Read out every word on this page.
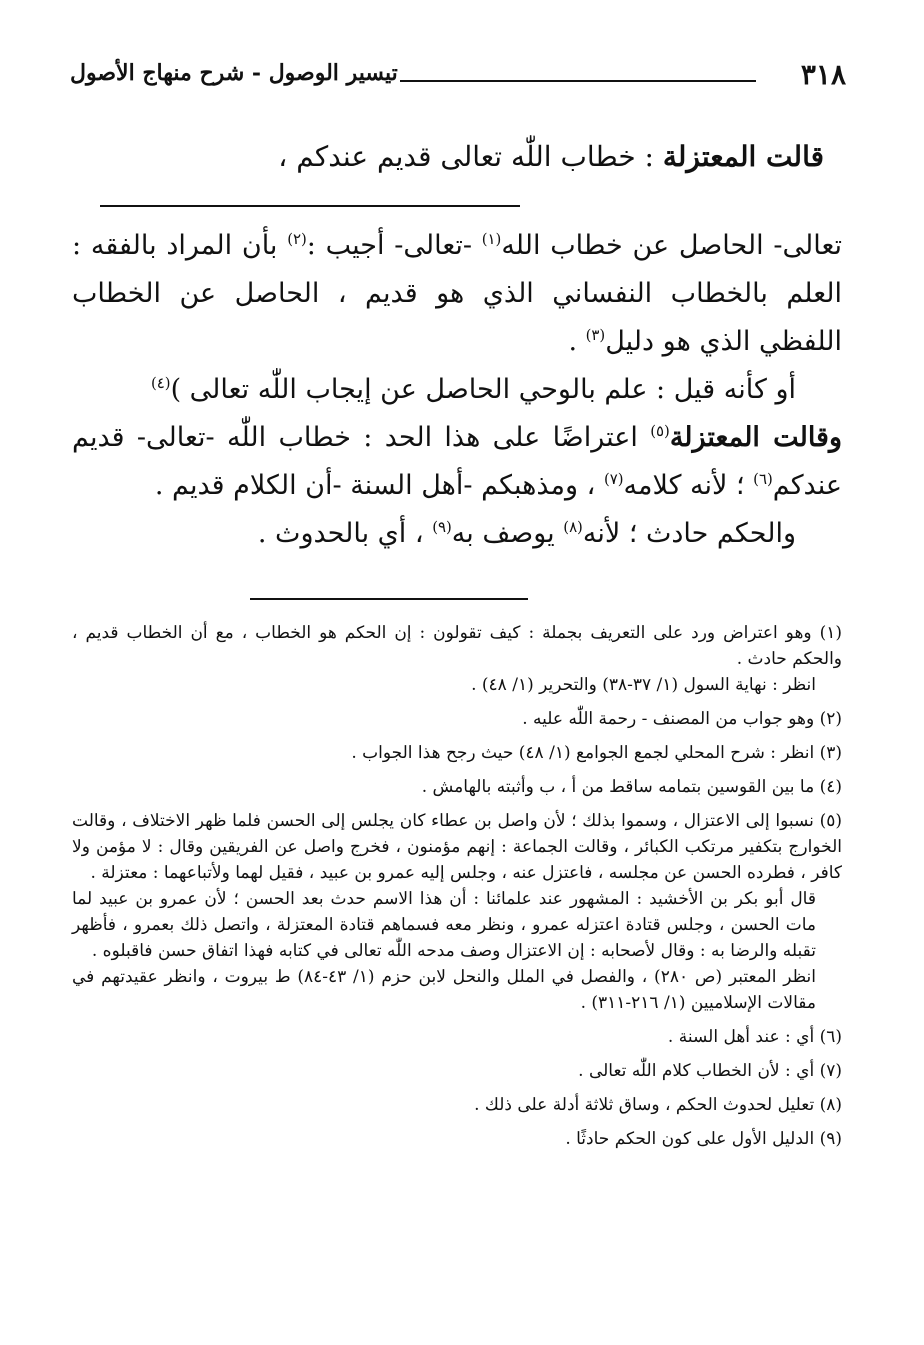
٣١٨
تيسير الوصول - شرح منهاج الأصول
قالت المعتزلة : خطاب اللّٰه تعالى قديم عندكم ،

تعالى- الحاصل عن خطاب الله$^{(١)}$ -تعالى- أجيب :$^{(٢)}$ بأن المراد بالفقه : العلم بالخطاب النفساني الذي هو قديم ، الحاصل عن الخطاب اللفظي الذي هو دليل$^{(٣)}$ .

أو كأنه قيل : علم بالوحي الحاصل عن إيجاب اللّٰه تعالى )$^{(٤)}$

وقالت المعتزلة$^{(٥)}$ اعتراضًا على هذا الحد : خطاب اللّٰه -تعالى- قديم عندكم$^{(٦)}$ ؛ لأنه كلامه$^{(٧)}$ ، ومذهبكم -أهل السنة -أن الكلام قديم .

والحكم حادث ؛ لأنه$^{(٨)}$ يوصف به$^{(٩)}$ ، أي بالحدوث .

(١) وهو اعتراض ورد على التعريف بجملة : كيف تقولون : إن الحكم هو الخطاب ، مع أن الخطاب قديم ، والحكم حادث .

انظر : نهاية السول (١/ ٣٧-٣٨) والتحرير (١/ ٤٨) .

(٢) وهو جواب من المصنف - رحمة اللّٰه عليه .

(٣) انظر : شرح المحلي لجمع الجوامع (١/ ٤٨) حيث رجح هذا الجواب .

(٤) ما بين القوسين بتمامه ساقط من أ ، ب وأثبته بالهامش .

(٥) نسبوا إلى الاعتزال ، وسموا بذلك ؛ لأن واصل بن عطاء كان يجلس إلى الحسن فلما ظهر الاختلاف ، وقالت الخوارج بتكفير مرتكب الكبائر ، وقالت الجماعة : إنهم مؤمنون ، فخرج واصل عن الفريقين وقال : لا مؤمن ولا كافر ، فطرده الحسن عن مجلسه ، فاعتزل عنه ، وجلس إليه عمرو بن عبيد ، فقيل لهما ولأتباعهما : معتزلة .

قال أبو بكر بن الأخشيد : المشهور عند علمائنا : أن هذا الاسم حدث بعد الحسن ؛ لأن عمرو بن عبيد لما مات الحسن ، وجلس قتادة اعتزله عمرو ، ونظر معه فسماهم قتادة المعتزلة ، واتصل ذلك بعمرو ، فأظهر تقبله والرضا به : وقال لأصحابه : إن الاعتزال وصف مدحه اللّٰه تعالى في كتابه فهذا اتفاق حسن فاقبلوه .

انظر المعتبر (ص ٢٨٠) ، والفصل في الملل والنحل لابن حزم (١/ ٤٣-٨٤) ط بيروت ، وانظر عقيدتهم في مقالات الإسلاميين (١/ ٢١٦-٣١١) .

(٦) أي : عند أهل السنة .

(٧) أي : لأن الخطاب كلام اللّٰه تعالى .

(٨) تعليل لحدوث الحكم ، وساق ثلاثة أدلة على ذلك .

(٩) الدليل الأول على كون الحكم حادثًا .
